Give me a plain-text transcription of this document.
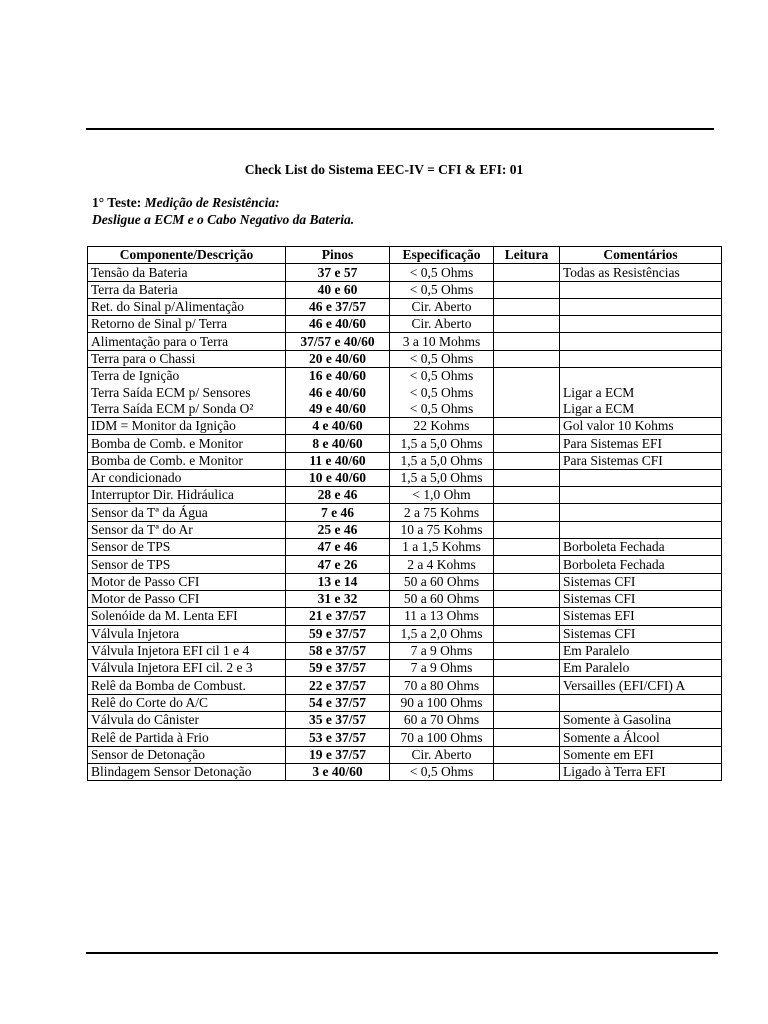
Check List do Sistema EEC-IV = CFI & EFI: 01
1° Teste: Medição de Resistência:
Desligue a ECM e o Cabo Negativo da Bateria.
Componente/Descrição	Pinos	Especificação	Leitura	Comentários
Tensão da Bateria	37 e 57	< 0,5 Ohms		Todas as Resistências
Terra da Bateria	40 e 60	< 0,5 Ohms		
Ret. do Sinal p/Alimentação	46 e 37/57	Cir. Aberto		
Retorno de Sinal p/ Terra	46 e 40/60	Cir. Aberto		
Alimentação para o Terra	37/57 e 40/60	3 a 10 Mohms		
Terra para o Chassi	20 e 40/60	< 0,5 Ohms		
Terra de Ignição	16 e 40/60	< 0,5 Ohms		
Terra Saída ECM p/ Sensores	46 e 40/60	< 0,5 Ohms		Ligar a ECM
Terra Saída ECM p/ Sonda O²	49 e 40/60	< 0,5 Ohms		Ligar a ECM
IDM = Monitor da Ignição	4 e 40/60	22 Kohms		Gol valor 10 Kohms
Bomba de Comb. e Monitor	8 e 40/60	1,5 a 5,0 Ohms		Para Sistemas EFI
Bomba de Comb. e Monitor	11 e 40/60	1,5 a 5,0 Ohms		Para Sistemas CFI
Ar condicionado	10 e 40/60	1,5 a 5,0 Ohms		
Interruptor Dir. Hidráulica	28 e 46	< 1,0 Ohm		
Sensor da Tª da Água	7 e 46	2 a 75 Kohms		
Sensor da Tª do Ar	25 e 46	10 a 75 Kohms		
Sensor de TPS	47 e 46	1 a 1,5 Kohms		Borboleta Fechada
Sensor de TPS	47 e 26	2 a 4 Kohms		Borboleta Fechada
Motor de Passo CFI	13 e 14	50 a 60 Ohms		Sistemas CFI
Motor de Passo CFI	31 e 32	50 a 60 Ohms		Sistemas CFI
Solenóide da M. Lenta EFI	21 e 37/57	11 a 13 Ohms		Sistemas EFI
Válvula Injetora	59 e 37/57	1,5 a 2,0 Ohms		Sistemas CFI
Válvula Injetora EFI cil 1 e 4	58 e 37/57	7 a 9 Ohms		Em Paralelo
Válvula Injetora EFI cil. 2 e 3	59 e 37/57	7 a 9 Ohms		Em Paralelo
Relê da Bomba de Combust.	22 e 37/57	70 a 80 Ohms		Versailles (EFI/CFI) A
Relê do Corte do A/C	54 e 37/57	90 a 100 Ohms		
Válvula do Cânister	35 e 37/57	60 a 70 Ohms		Somente à Gasolina
Relê de Partida à Frio	53 e 37/57	70 a 100 Ohms		Somente a Álcool
Sensor de Detonação	19 e 37/57	Cir. Aberto		Somente em EFI
Blindagem Sensor Detonação	3 e 40/60	< 0,5 Ohms		Ligado à Terra EFI
